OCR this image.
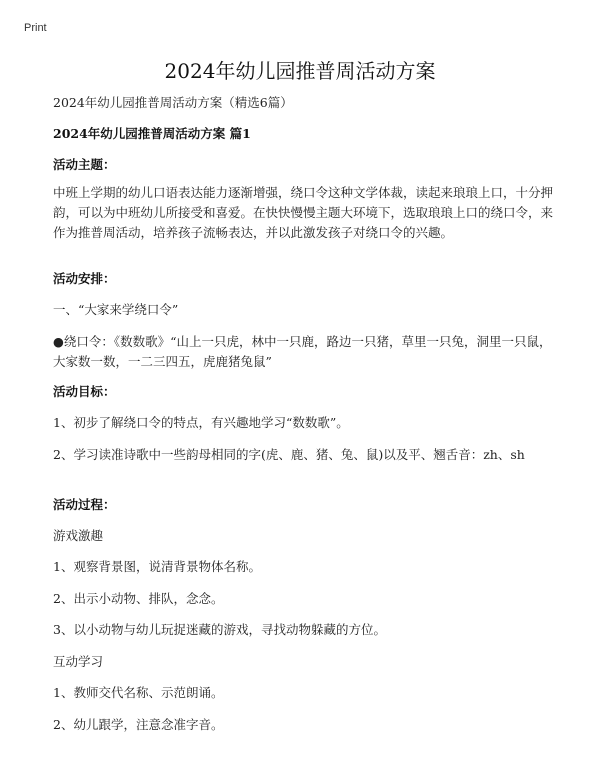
Print
2024年幼儿园推普周活动方案
2024年幼儿园推普周活动方案（精选6篇）
2024年幼儿园推普周活动方案 篇1
活动主题：
中班上学期的幼儿口语表达能力逐渐增强，绕口令这种文学体裁，读起来琅琅上口，十分押韵，可以为中班幼儿所接受和喜爱。在快快慢慢主题大环境下，选取琅琅上口的绕口令，来作为推普周活动，培养孩子流畅表达，并以此激发孩子对绕口令的兴趣。
活动安排：
一、“大家来学绕口令”
●绕口令：《数数歌》“山上一只虎，林中一只鹿，路边一只猪，草里一只兔，洞里一只鼠，大家数一数，一二三四五，虎鹿猪兔鼠”
活动目标：
1、初步了解绕口令的特点，有兴趣地学习“数数歌”。
2、学习读准诗歌中一些韵母相同的字(虎、鹿、猪、兔、鼠)以及平、翘舌音：zh、sh
活动过程：
游戏激趣
1、观察背景图，说清背景物体名称。
2、出示小动物、排队，念念。
3、以小动物与幼儿玩捉迷藏的游戏，寻找动物躲藏的方位。
互动学习
1、教师交代名称、示范朗诵。
2、幼儿跟学，注意念准字音。
